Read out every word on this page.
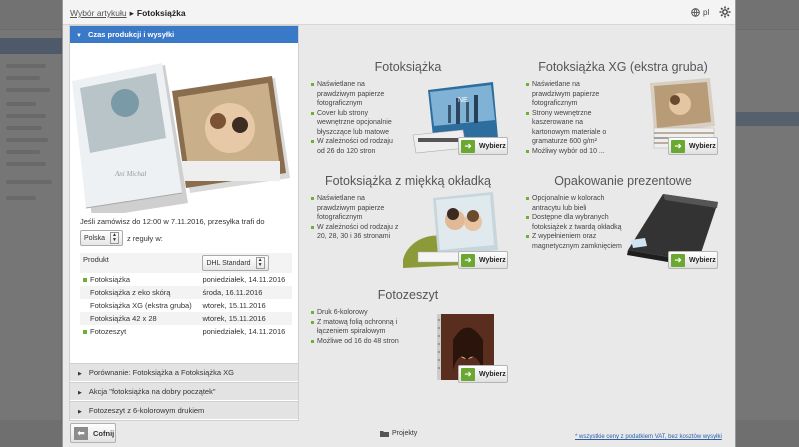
Wybór artykułu ▸ Fotoksiążka	pl
▼ Czas produkcji i wysyłki
Ani Michał
Jeśli zamówisz do 12:00 w 7.11.2016, przesyłka trafi do
Polska	▲
▼ z reguły w:
Produkt	DHL Standard ▲
▼

Fotoksiążka	poniedziałek, 14.11.2016
Fotoksiążka z eko skórą	środa, 16.11.2016
Fotoksiążka XG (ekstra gruba)	wtorek, 15.11.2016
Fotoksiążka 42 x 28	wtorek, 15.11.2016
Fotozeszyt	poniedziałek, 14.11.2016
▶ Porównanie: Fotoksiążka a Fotoksiążka XG
▶ Akcja "fotoksiążka na dobry początek"
▶ Fotozeszyt z 6-kolorowym drukiem
Fotoksiążka
Naświetlane na prawdziwym papierze fotograficznym
Cover lub strony wewnętrzne opcjonalnie błyszczące lub matowe
W zależności od rodzaju od 26 do 120 stron
NE
➜	Wybierz
Fotoksiążka XG (ekstra gruba)
Naświetlane na prawdziwym papierze fotograficznym
Strony wewnętrzne kaszerowane na kartonowym materiale o gramaturze 600 g/m²
Możliwy wybór od 10 ...
➜	Wybierz
Fotoksiążka z miękką okładką
Naświetlane na prawdziwym papierze fotograficznym
W zależności od rodzaju z 20, 28, 30 i 36 stronami
➜	Wybierz
Opakowanie prezentowe
Opcjonalnie w kolorach antracytu lub bieli
Dostępne dla wybranych fotoksiążek z twardą okładką
Z wypełnieniem oraz magnetycznym zamknięciem
➜	Wybierz
Fotozeszyt
Druk 6-kolorowy
Z matową folią ochronną i łączeniem spiralowym
Możliwe od 16 do 48 stron
➜	Wybierz
⬅	Cofnij	Projekty	* wszystkie ceny z podatkiem VAT, bez kosztów wysyłki
